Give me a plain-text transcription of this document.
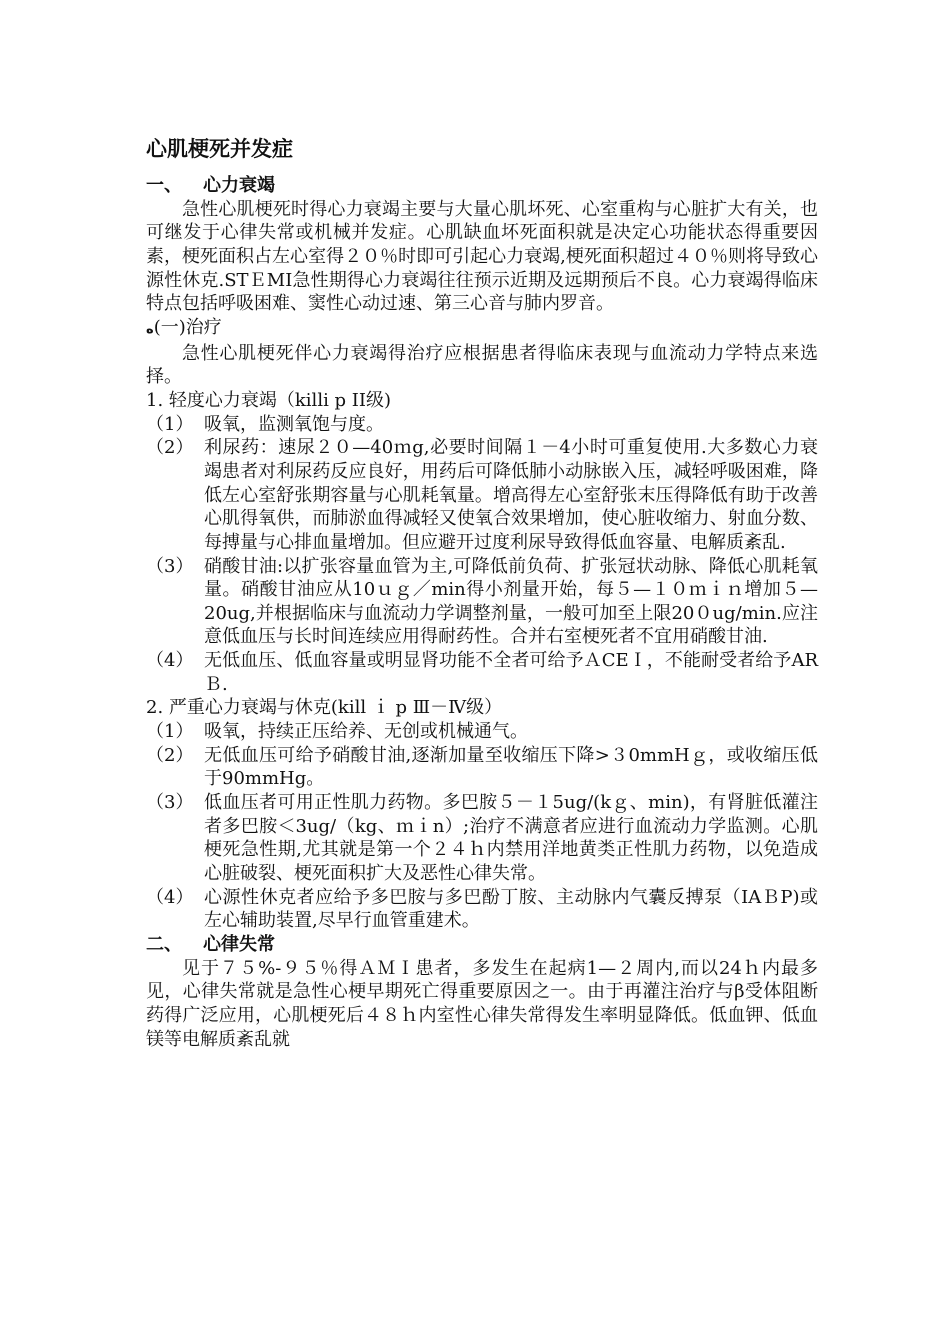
心肌梗死并发症

一、 心力衰竭

急性心肌梗死时得心力衰竭主要与大量心肌坏死、心室重构与心脏扩大有关，也可继发于心律失常或机械并发症。心肌缺血坏死面积就是决定心功能状态得重要因素，梗死面积占左心室得２０％时即可引起心力衰竭,梗死面积超过４０％则将导致心源性休克.STＥMI急性期得心力衰竭往往预示近期及远期预后不良。心力衰竭得临床特点包括呼吸困难、窦性心动过速、第三心音与肺内罗音。

ﻩ(一)治疗

急性心肌梗死伴心力衰竭得治疗应根据患者得临床表现与血流动力学特点来选择。

1. 轻度心力衰竭（killi p II级)

（1） 吸氧，监测氧饱与度。
（2） 利尿药：速尿２０—40ｍg,必要时间隔１－4小时可重复使用.大多数心力衰竭患者对利尿药反应良好，用药后可降低肺小动脉嵌入压，减轻呼吸困难，降低左心室舒张期容量与心肌耗氧量。增高得左心室舒张末压得降低有助于改善心肌得氧供，而肺淤血得减轻又使氧合效果增加，使心脏收缩力、射血分数、每搏量与心排血量增加。但应避开过度利尿导致得低血容量、电解质紊乱.
（3） 硝酸甘油:以扩张容量血管为主,可降低前负荷、扩张冠状动脉、降低心肌耗氧量。硝酸甘油应从10ｕｇ／min得小剂量开始，每５—１０ｍｉｎ增加５—20ug,并根据临床与血流动力学调整剂量，一般可加至上限20０ug/min.应注意低血压与长时间连续应用得耐药性。合并右室梗死者不宜用硝酸甘油.
（4） 无低血压、低血容量或明显肾功能不全者可给予ＡCEＩ，不能耐受者给予ARＢ.

2. 严重心力衰竭与休克(kill ｉ p Ⅲ－Ⅳ级）

（1） 吸氧，持续正压给养、无创或机械通气。
（2） 无低血压可给予硝酸甘油,逐渐加量至收缩压下降>３0mmHｇ，或收缩压低于90mmHg。
（3） 低血压者可用正性肌力药物。多巴胺５－１5ug/(kｇ、min)，有肾脏低灌注者多巴胺＜3ug/（kg、ｍｉn）;治疗不满意者应进行血流动力学监测。心肌梗死急性期,尤其就是第一个２４ｈ内禁用洋地黄类正性肌力药物，以免造成心脏破裂、梗死面积扩大及恶性心律失常。
（4） 心源性休克者应给予多巴胺与多巴酚丁胺、主动脉内气囊反搏泵（IAＢP)或左心辅助装置,尽早行血管重建术。

二、 心律失常

见于７５%-９５％得ＡＭＩ患者，多发生在起病1—２周内,而以24ｈ内最多见，心律失常就是急性心梗早期死亡得重要原因之一。由于再灌注治疗与β受体阻断药得广泛应用，心肌梗死后４８ｈ内室性心律失常得发生率明显降低。低血钾、低血镁等电解质紊乱就
